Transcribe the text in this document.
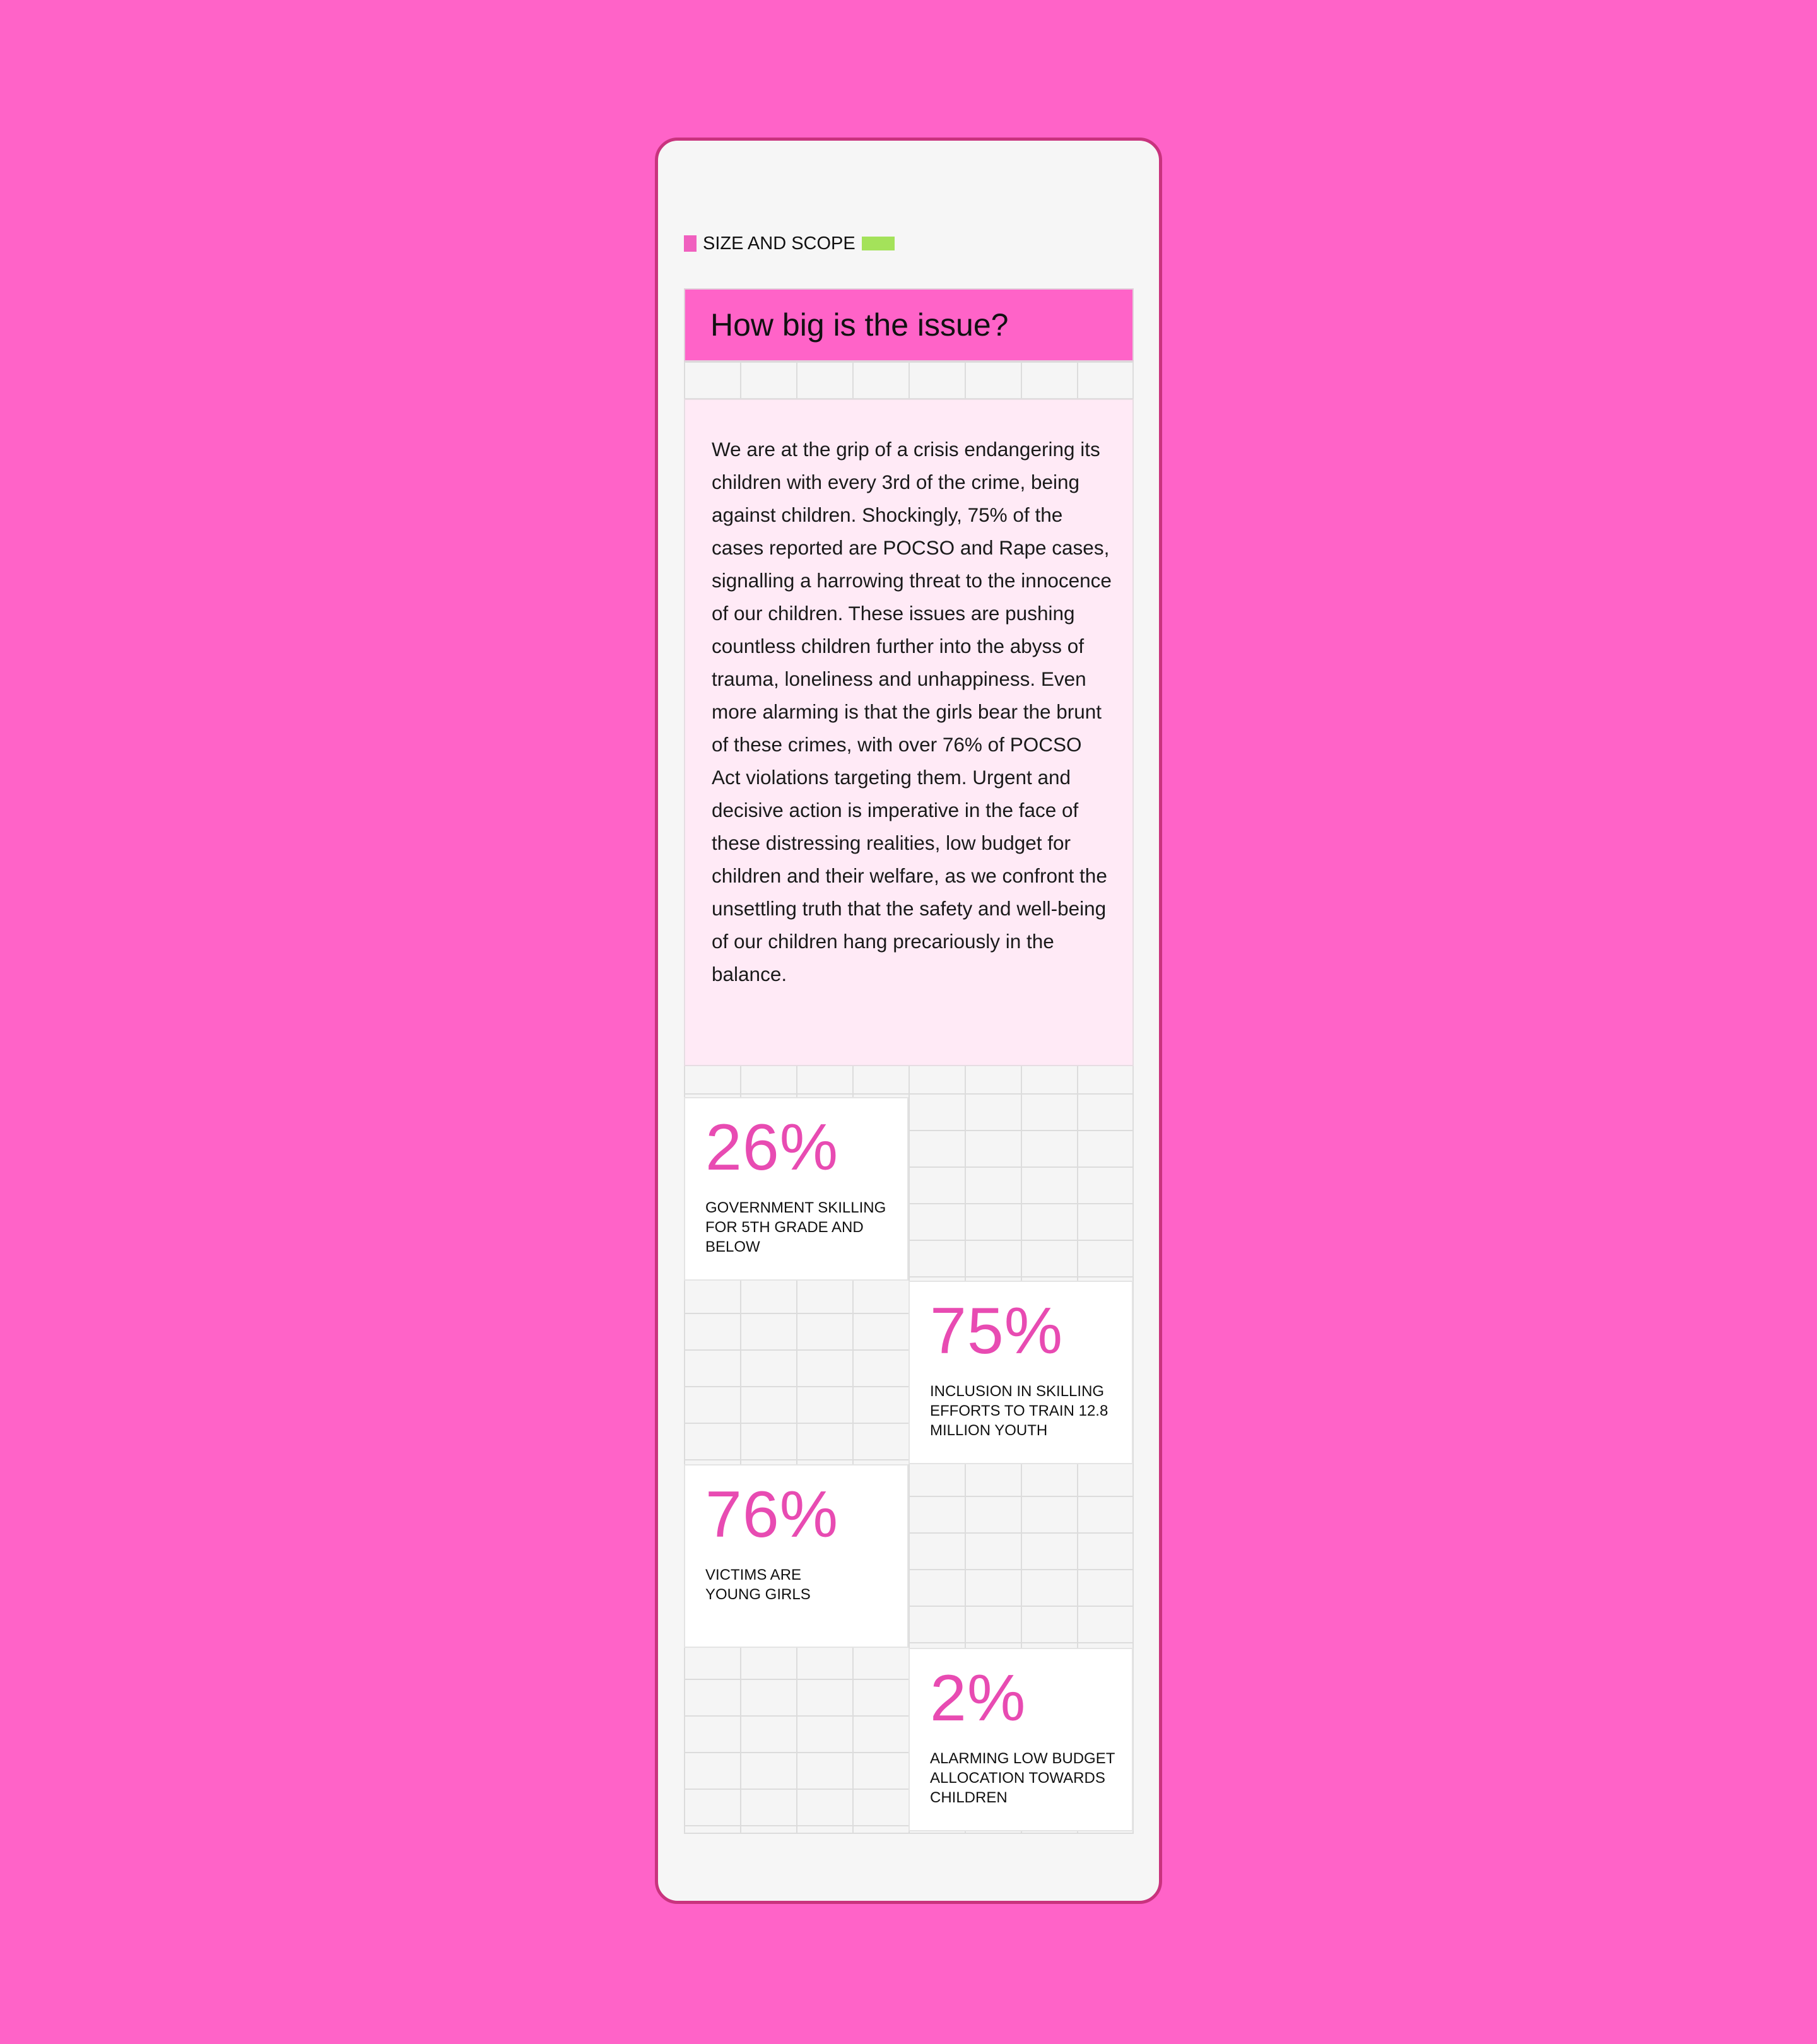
SIZE AND SCOPE
How big is the issue?

We are at the grip of a crisis endangering its children with every 3rd of the crime, being against children. Shockingly, 75% of the cases reported are POCSO and Rape cases, signalling a harrowing threat to the innocence of our children. These issues are pushing countless children further into the abyss of trauma, loneliness and unhappiness. Even more alarming is that the girls bear the brunt of these crimes, with over 76% of POCSO Act violations targeting them. Urgent and decisive action is imperative in the face of these distressing realities, low budget for children and their welfare, as we confront the unsettling truth that the safety and well-being of our children hang precariously in the balance.

26%
GOVERNMENT SKILLING FOR 5TH GRADE AND BELOW
75%
INCLUSION IN SKILLING EFFORTS TO TRAIN 12.8 MILLION YOUTH
76%
VICTIMS ARE YOUNG GIRLS
2%
ALARMING LOW BUDGET ALLOCATION TOWARDS CHILDREN
